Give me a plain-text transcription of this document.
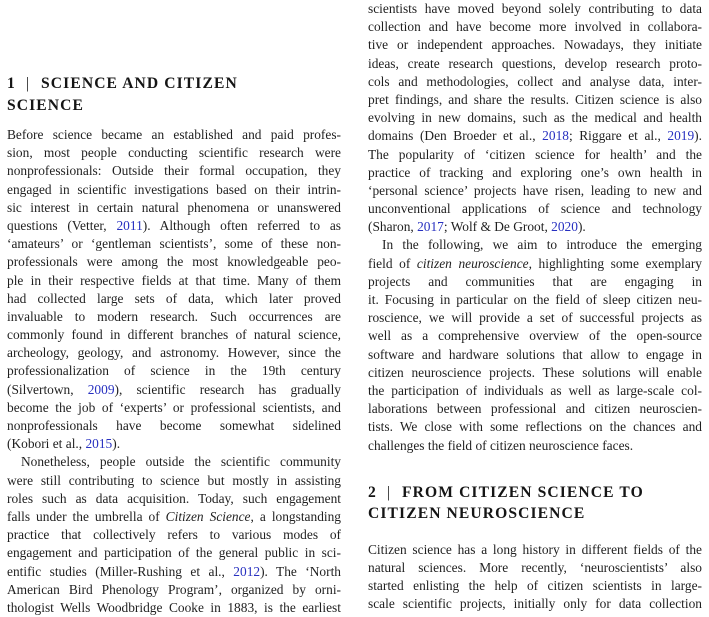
1 | SCIENCE AND CITIZEN
SCIENCE
Before science became an established and paid profes-
sion, most people conducting scientific research were
nonprofessionals: Outside their formal occupation, they
engaged in scientific investigations based on their intrin-
sic interest in certain natural phenomena or unanswered
questions (Vetter, 2011). Although often referred to as
‘amateurs’ or ‘gentleman scientists’, some of these non-
professionals were among the most knowledgeable peo-
ple in their respective fields at that time. Many of them
had collected large sets of data, which later proved
invaluable to modern research. Such occurrences are
commonly found in different branches of natural science,
archeology, geology, and astronomy. However, since the
professionalization of science in the 19th century
(Silvertown, 2009), scientific research has gradually
become the job of ‘experts’ or professional scientists, and
nonprofessionals have become somewhat sidelined
(Kobori et al., 2015).
Nonetheless, people outside the scientific community
were still contributing to science but mostly in assisting
roles such as data acquisition. Today, such engagement
falls under the umbrella of Citizen Science, a longstanding
practice that collectively refers to various modes of
engagement and participation of the general public in sci-
entific studies (Miller-Rushing et al., 2012). The ‘North
American Bird Phenology Program’, organized by orni-
thologist Wells Woodbridge Cooke in 1883, is the earliest
scientists have moved beyond solely contributing to data
collection and have become more involved in collabora-
tive or independent approaches. Nowadays, they initiate
ideas, create research questions, develop research proto-
cols and methodologies, collect and analyse data, inter-
pret findings, and share the results. Citizen science is also
evolving in new domains, such as the medical and health
domains (Den Broeder et al., 2018; Riggare et al., 2019).
The popularity of ‘citizen science for health’ and the
practice of tracking and exploring one’s own health in
‘personal science’ projects have risen, leading to new and
unconventional applications of science and technology
(Sharon, 2017; Wolf & De Groot, 2020).
In the following, we aim to introduce the emerging
field of citizen neuroscience, highlighting some exemplary
projects and communities that are engaging in
it. Focusing in particular on the field of sleep citizen neu-
roscience, we will provide a set of successful projects as
well as a comprehensive overview of the open-source
software and hardware solutions that allow to engage in
citizen neuroscience projects. These solutions will enable
the participation of individuals as well as large-scale col-
laborations between professional and citizen neuroscien-
tists. We close with some reflections on the chances and
challenges the field of citizen neuroscience faces.
2 | FROM CITIZEN SCIENCE TO
CITIZEN NEUROSCIENCE
Citizen science has a long history in different fields of the
natural sciences. More recently, ‘neuroscientists’ also
started enlisting the help of citizen scientists in large-
scale scientific projects, initially only for data collection
